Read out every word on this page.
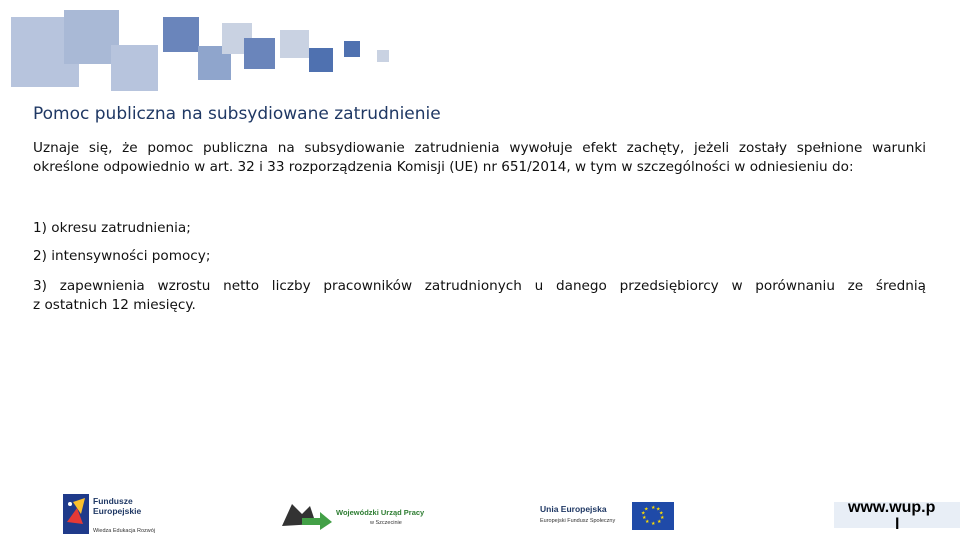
Pomoc publiczna na subsydiowane zatrudnienie
Uznaje się, że pomoc publiczna na subsydiowanie zatrudnienia wywołuje efekt zachęty, jeżeli zostały spełnione warunki
określone odpowiednio w art. 32 i 33 rozporządzenia Komisji (UE) nr 651/2014, w tym w szczególności w odniesieniu do:
1) okresu zatrudnienia;
2) intensywności pomocy;
3) zapewnienia wzrostu netto liczby pracowników zatrudnionych u danego przedsiębiorcy w porównaniu ze średnią
z ostatnich 12 miesięcy.
Fundusze
Europejskie
Wiedza Edukacja Rozwój
Wojewódzki Urząd Pracy
w Szczecinie
Unia Europejska
Europejski Fundusz Społeczny
★ ★
★
★
★
★
★
★
★
★	www.wup.p
l
